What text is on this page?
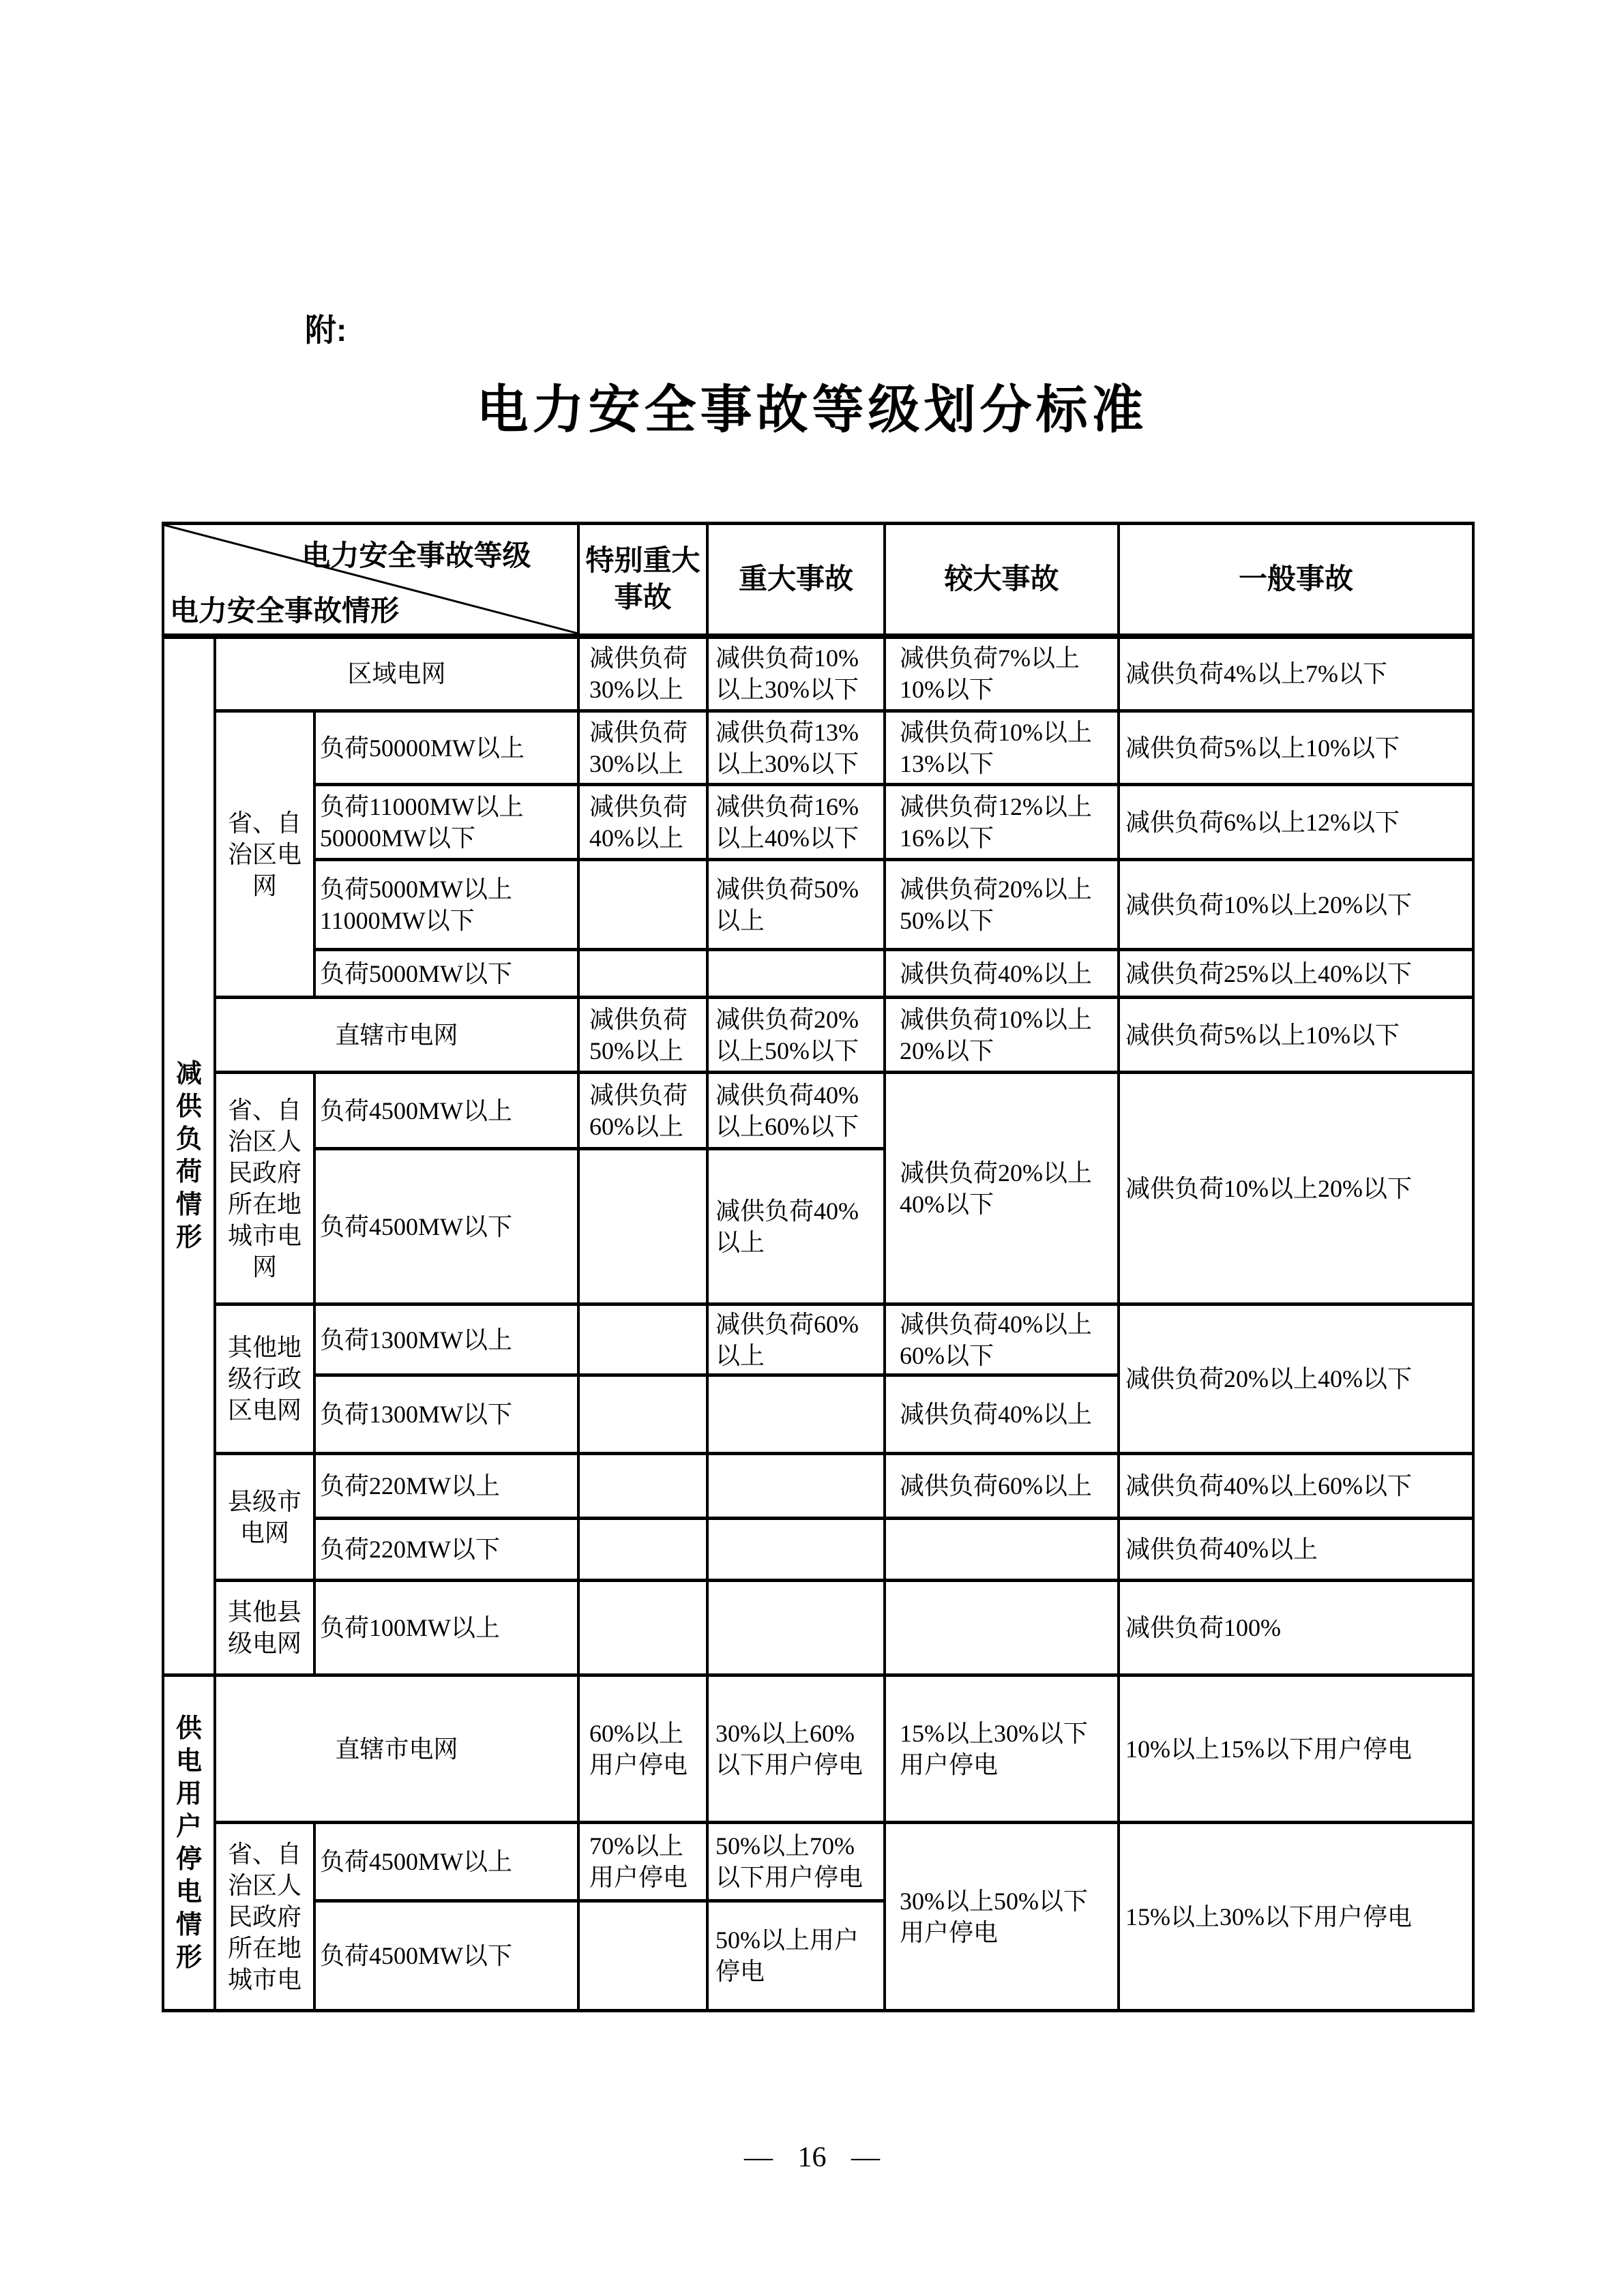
附:
电力安全事故等级划分标准
电力安全事故等级
电力安全事故情形			特别重大事故	重大事故	较大事故	一般事故
减供负荷情形	区域电网		减供负荷30%以上	减供负荷10%以上30%以下	减供负荷7%以上10%以下	减供负荷4%以上7%以下
	省、自治区电网	负荷50000MW以上	减供负荷30%以上	减供负荷13%以上30%以下	减供负荷10%以上13%以下	减供负荷5%以上10%以下
		负荷11000MW以上50000MW以下	减供负荷40%以上	减供负荷16%以上40%以下	减供负荷12%以上16%以下	减供负荷6%以上12%以下
		负荷5000MW以上11000MW以下		减供负荷50%以上	减供负荷20%以上50%以下	减供负荷10%以上20%以下
		负荷5000MW以下			减供负荷40%以上	减供负荷25%以上40%以下
	直辖市电网		减供负荷50%以上	减供负荷20%以上50%以下	减供负荷10%以上20%以下	减供负荷5%以上10%以下
	省、自治区人民政府所在地城市电网	负荷4500MW以上	减供负荷60%以上	减供负荷40%以上60%以下	减供负荷20%以上40%以下	减供负荷10%以上20%以下
		负荷4500MW以下		减供负荷40%以上		
	其他地级行政区电网	负荷1300MW以上		减供负荷60%以上	减供负荷40%以上60%以下	减供负荷20%以上40%以下
		负荷1300MW以下			减供负荷40%以上	
	县级市电网	负荷220MW以上			减供负荷60%以上	减供负荷40%以上60%以下
		负荷220MW以下				减供负荷40%以上
	其他县级电网	负荷100MW以上				减供负荷100%
供电用户停电情形	直辖市电网		60%以上用户停电	30%以上60%以下用户停电	15%以上30%以下用户停电	10%以上15%以下用户停电
	省、自治区人民政府所在地城市电	负荷4500MW以上	70%以上用户停电	50%以上70%以下用户停电	30%以上50%以下用户停电	15%以上30%以下用户停电
		负荷4500MW以下		50%以上用户停电		
— 16 —
